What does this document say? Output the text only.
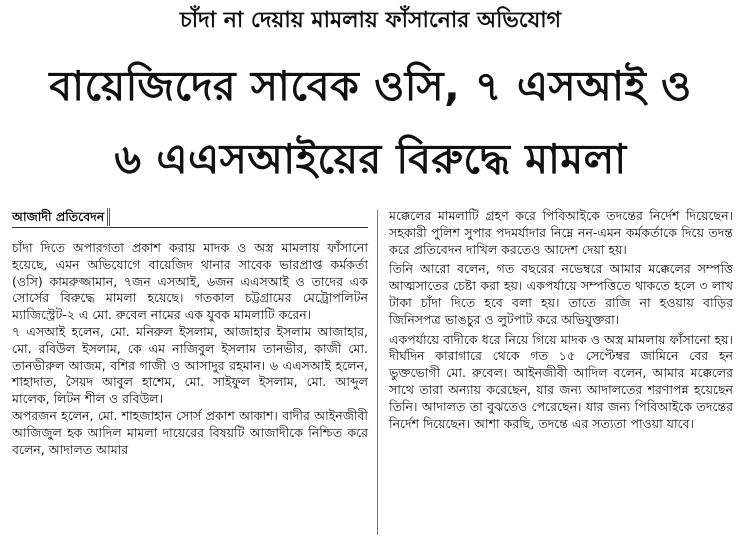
চাঁদা না দেয়ায় মামলায় ফাঁসানোর অভিযোগ
বায়েজিদের সাবেক ওসি, ৭ এসআই ও
৬ এএসআইয়ের বিরুদ্ধে মামলা
আজাদী প্রতিবেদন

চাঁদা দিতে অপারগতা প্রকাশ করায় মাদক ও অস্ত্র মামলায় ফাঁসানো হয়েছে, এমন অভিযোগে বায়েজিদ থানার সাবেক ভারপ্রাপ্ত কর্মকর্তা (ওসি) কামরুজ্জামান, ৭জন এসআই, ৬জন এএসআই ও তাদের এক সোর্সের বিরুদ্ধে মামলা হয়েছে। গতকাল চট্টগ্রামের মেট্রোপলিটন ম্যাজিস্ট্রেট-২ এ মো. রুবেল নামের এক যুবক মামলাটি করেন।

৭ এসআই হলেন, মো. মনিরুল ইসলাম, আজাহার ইসলাম আজাহার, মো. রবিউল ইসলাম, কে এম নাজিবুল ইসলাম তানভীর, কাজী মো. তানভীরুল আজম, বশির গাজী ও আসাদুর রহমান। ৬ এএসআই হলেন, শাহাদাত, সৈয়দ আবুল হাশেম, মো. সাইফুল ইসলাম, মো. আব্দুল মালেক, লিটন শীল ও রবিউল।

অপরজন হলেন, মো. শাহজাহান সোর্স প্রকাশ আকাশ। বাদীর আইনজীবী আজিজুল হক আদিল মামলা দায়েরের বিষয়টি আজাদীকে নিশ্চিত করে বলেন, আদালত আমার

মক্কেলের মামলাটি গ্রহণ করে পিবিআইকে তদন্তের নির্দেশ দিয়েছেন। সহকারী পুলিশ সুপার পদমর্যাদার নিম্নে নন-এমন কর্মকর্তাকে দিয়ে তদন্ত করে প্রতিবেদন দাখিল করতেও আদেশ দেয়া হয়।

তিনি আরো বলেন, গত বছরের নভেম্বরে আমার মক্কেলের সম্পত্তি আত্মসাতের চেষ্টা করা হয়। একপর্যায়ে সম্পত্তিতে থাকতে হলে ৩ লাখ টাকা চাঁদা দিতে হবে বলা হয়। তাতে রাজি না হওয়ায় বাড়ির জিনিসপত্র ভাঙচুর ও লুটপাট করে অভিযুক্তরা।

একপর্যায়ে বাদীকে ধরে নিয়ে গিয়ে মাদক ও অস্ত্র মামলায় ফাঁসানো হয়। দীর্ঘদিন কারাগারে থেকে গত ১৫ সেপ্টেম্বর জামিনে বের হন ভুক্তভোগী মো. রুবেল। আইনজীবী আদিল বলেন, আমার মক্কেলের সাথে তারা অন্যায় করেছেন, যার জন্য আদালতের শরণাপন্ন হয়েছেন তিনি। আদালত তা বুঝতেও পেরেছেন। যার জন্য পিবিআইকে তদন্তের নির্দেশ দিয়েছেন। আশা করছি, তদন্তে এর সত্যতা পাওয়া যাবে।
